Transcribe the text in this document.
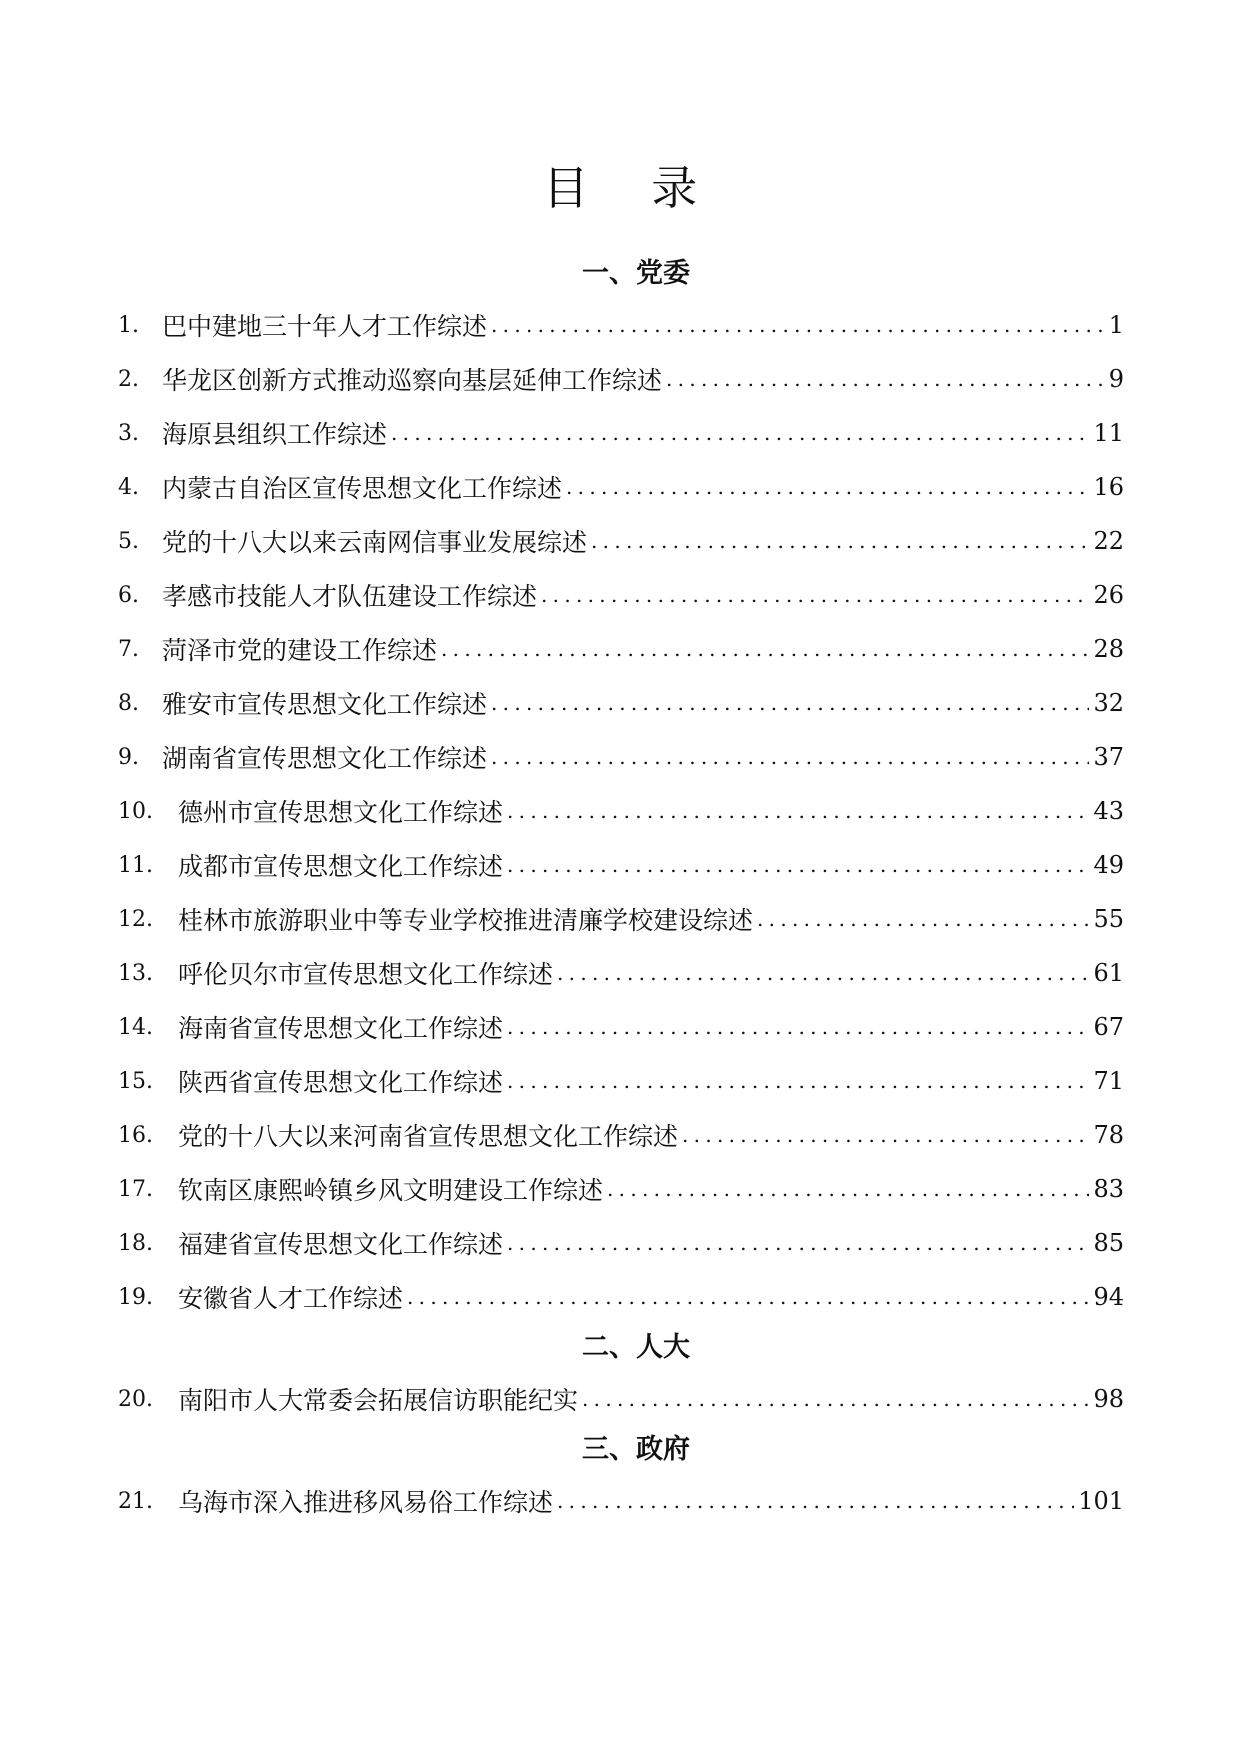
目 录
一、党委
1. 巴中建地三十年人才工作综述 .....	1
2. 华龙区创新方式推动巡察向基层延伸工作综述 .....	9
3. 海原县组织工作综述 .....	11
4. 内蒙古自治区宣传思想文化工作综述 .....	16
5. 党的十八大以来云南网信事业发展综述 .....	22
6. 孝感市技能人才队伍建设工作综述 .....	26
7. 菏泽市党的建设工作综述 .....	28
8. 雅安市宣传思想文化工作综述 .....	32
9. 湖南省宣传思想文化工作综述 .....	37
10.	德州市宣传思想文化工作综述 .....	43
11.	成都市宣传思想文化工作综述 .....	49
12.	桂林市旅游职业中等专业学校推进清廉学校建设综述 .....	55
13.	呼伦贝尔市宣传思想文化工作综述 .....	61
14.	海南省宣传思想文化工作综述 .....	67
15.	陕西省宣传思想文化工作综述 .....	71
16.	党的十八大以来河南省宣传思想文化工作综述 .....	78
17.	钦南区康熙岭镇乡风文明建设工作综述 .....	83
18.	福建省宣传思想文化工作综述 .....	85
19.	安徽省人才工作综述 .....	94
二、人大
20.	南阳市人大常委会拓展信访职能纪实 .....	98
三、政府
21.	乌海市深入推进移风易俗工作综述 .....	101
